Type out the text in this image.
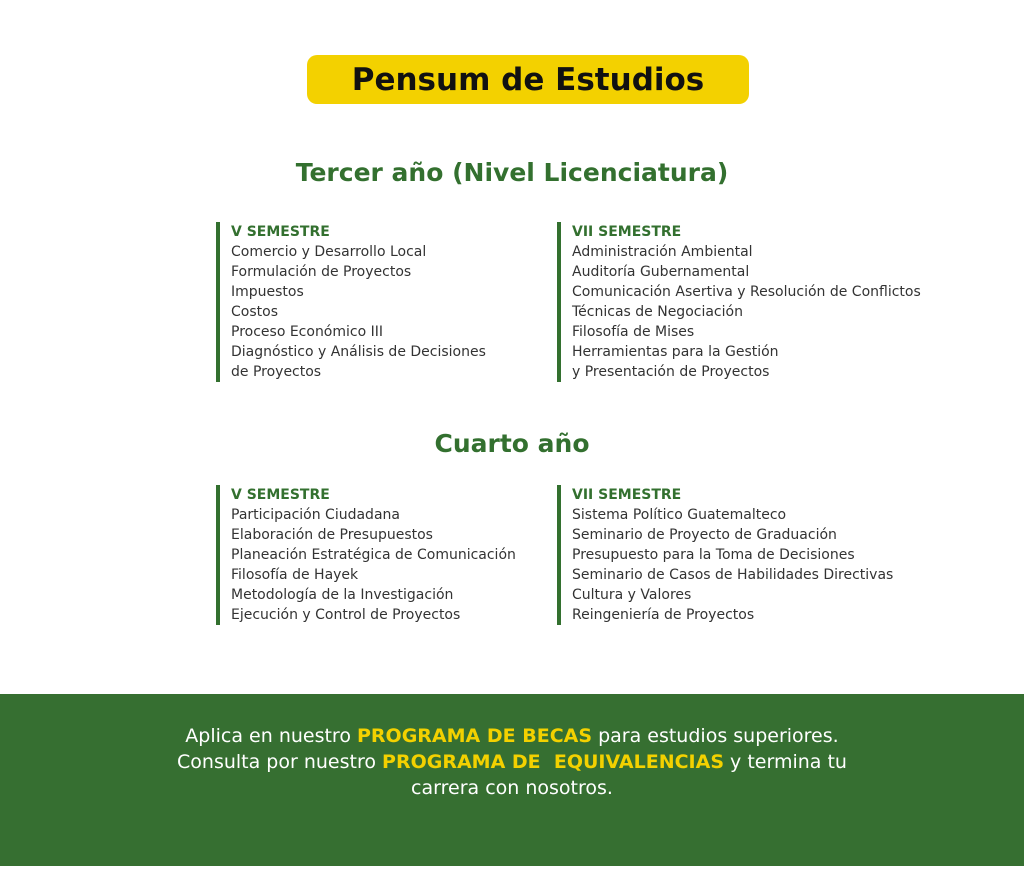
Pensum de Estudios
Tercer año (Nivel Licenciatura)
V SEMESTRE
Comercio y Desarrollo Local
Formulación de Proyectos
Impuestos
Costos
Proceso Económico III
Diagnóstico y Análisis de Decisiones
de Proyectos
VII SEMESTRE
Administración Ambiental
Auditoría Gubernamental
Comunicación Asertiva y Resolución de Conflictos
Técnicas de Negociación
Filosofía de Mises
Herramientas para la Gestión
y Presentación de Proyectos
Cuarto año
V SEMESTRE
Participación Ciudadana
Elaboración de Presupuestos
Planeación Estratégica de Comunicación
Filosofía de Hayek
Metodología de la Investigación
Ejecución y Control de Proyectos
VII SEMESTRE
Sistema Político Guatemalteco
Seminario de Proyecto de Graduación
Presupuesto para la Toma de Decisiones
Seminario de Casos de Habilidades Directivas
Cultura y Valores
Reingeniería de Proyectos
Aplica en nuestro PROGRAMA DE BECAS para estudios superiores.
Consulta por nuestro PROGRAMA DE  EQUIVALENCIAS y termina tu
carrera con nosotros.
